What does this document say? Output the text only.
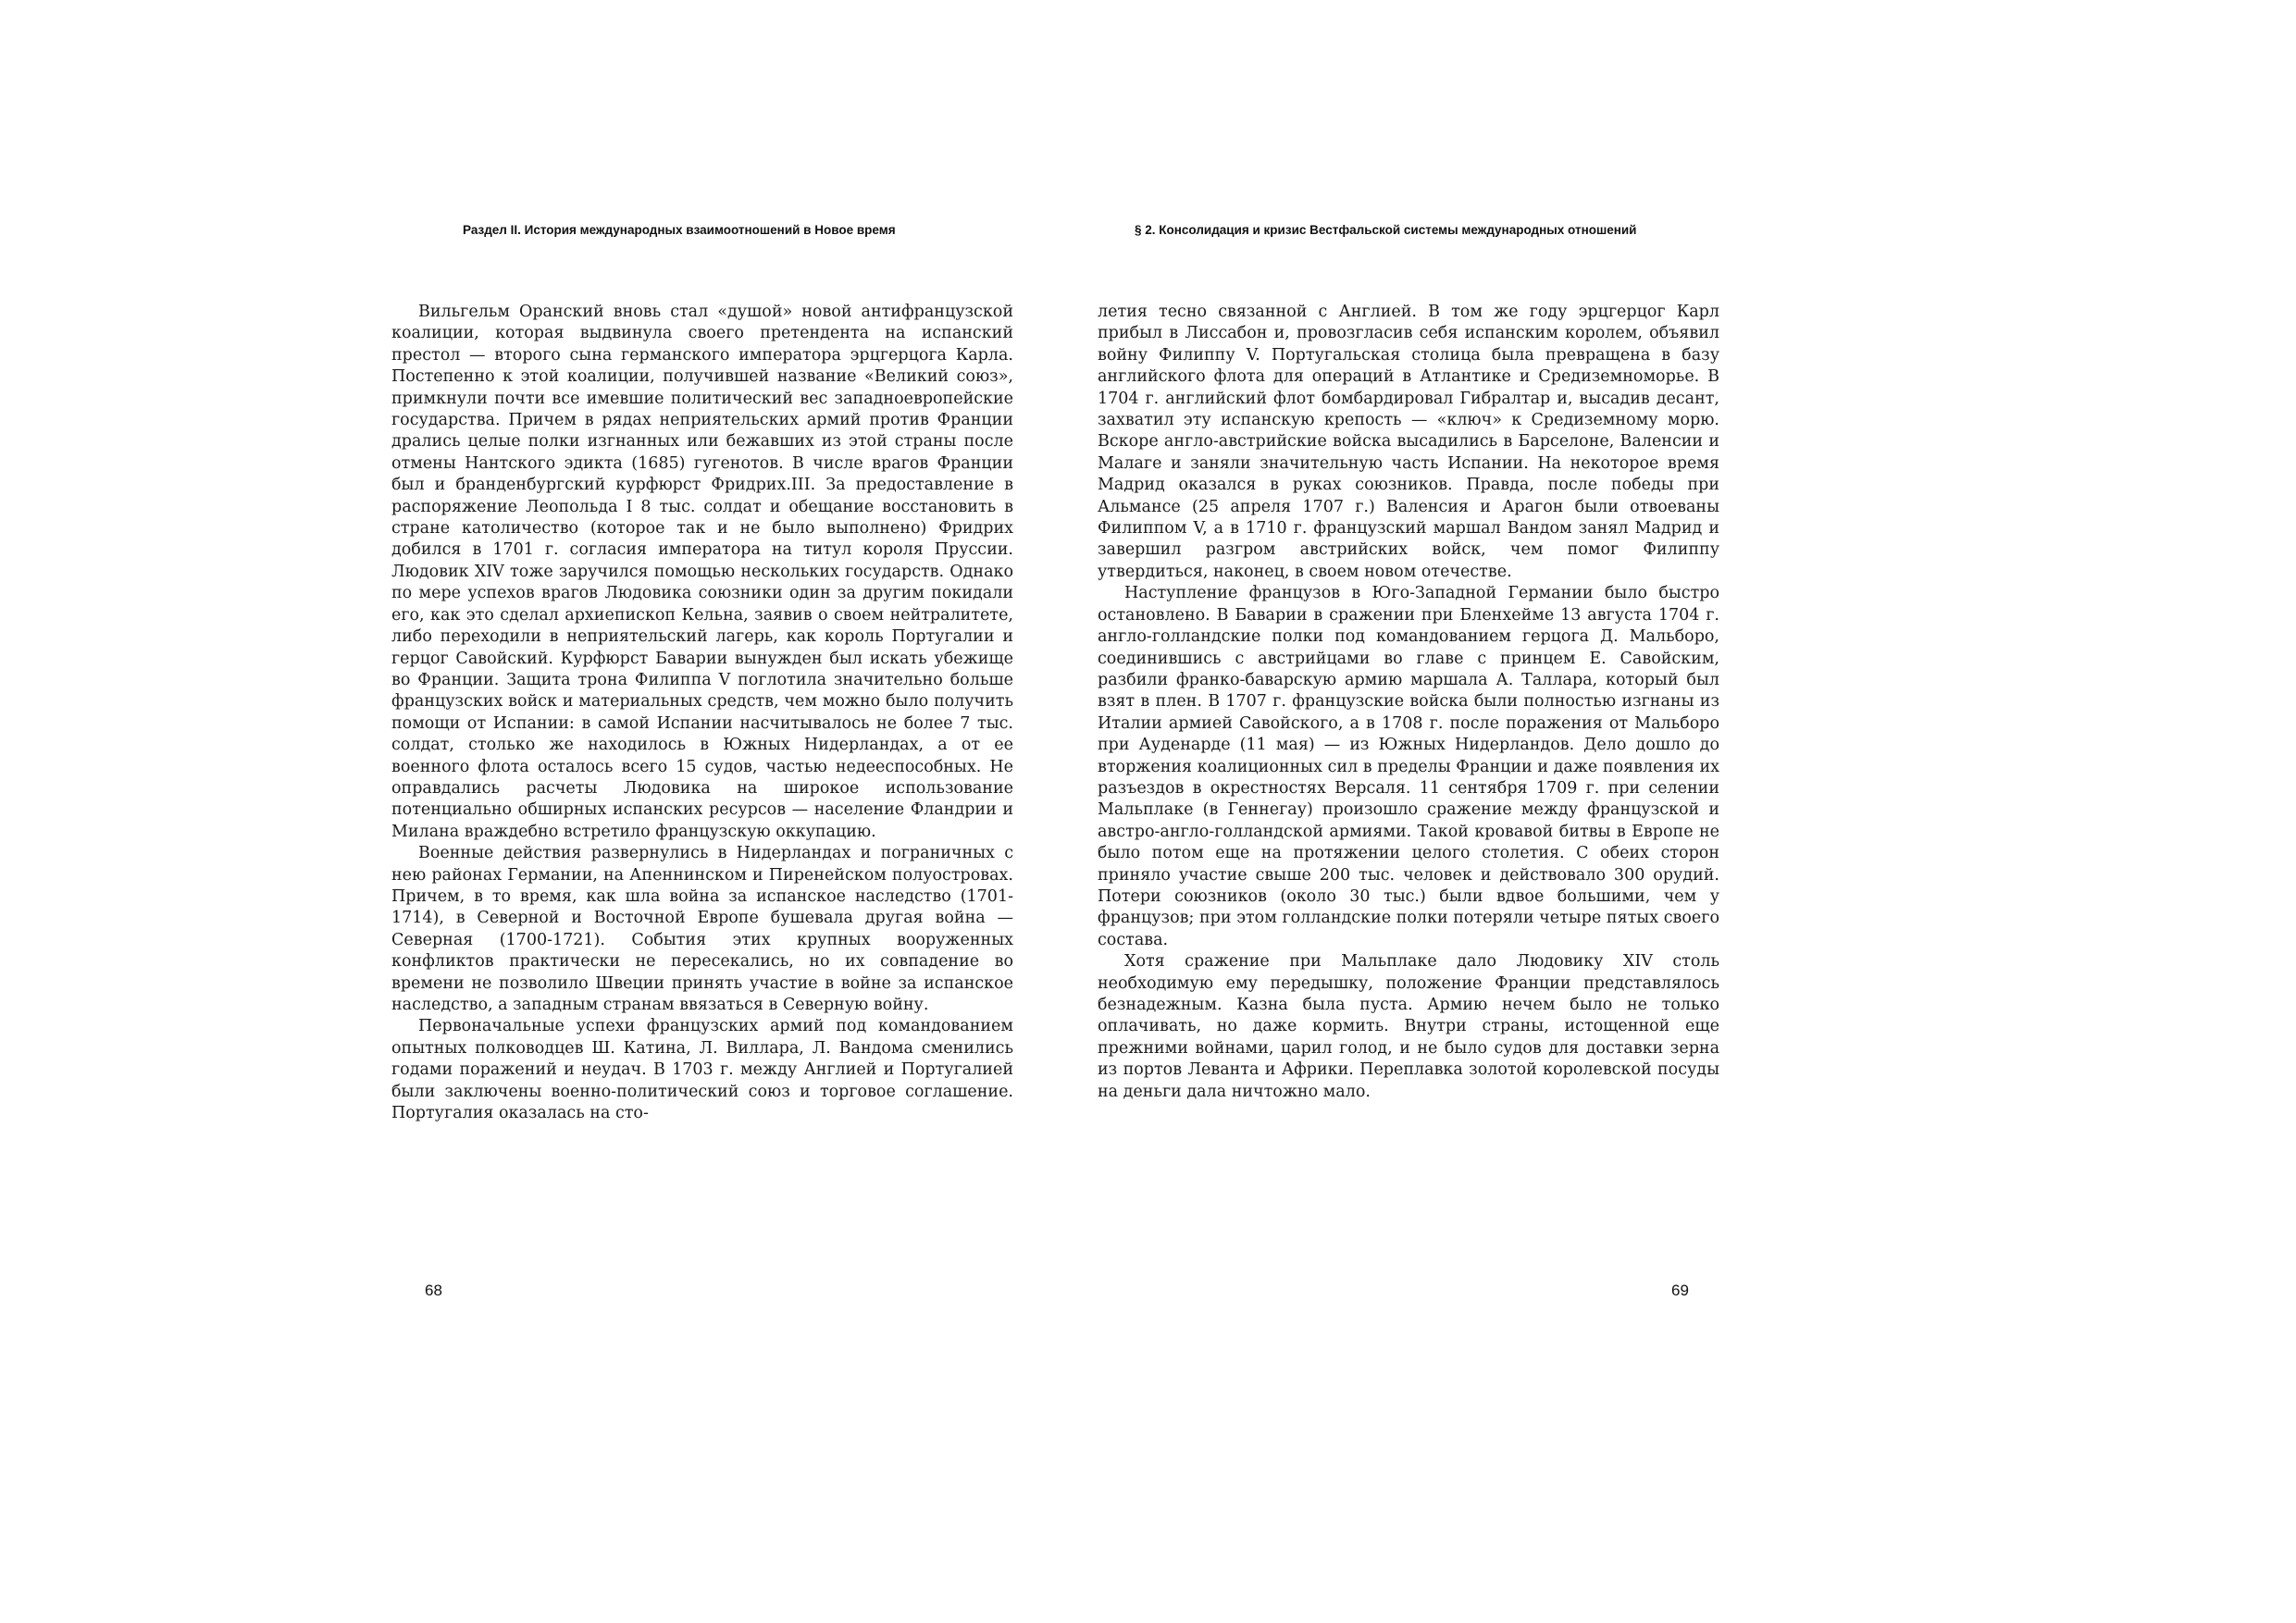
Раздел II. История международных взаимоотношений в Новое время

Вильгельм Оранский вновь стал «душой» новой антифранцузской коалиции, которая выдвинула своего претендента на испанский престол — второго сына германского императора эрцгерцога Карла. Постепенно к этой коалиции, получившей название «Великий союз», примкнули почти все имевшие политический вес западноевропейские государства. Причем в рядах неприятельских армий против Франции дрались целые полки изгнанных или бежавших из этой страны после отмены Нантского эдикта (1685) гугенотов. В числе врагов Франции был и бранденбургский курфюрст Фридрих.III. За предоставление в распоряжение Леопольда I 8 тыс. солдат и обещание восстановить в стране католичество (которое так и не было выполнено) Фридрих добился в 1701 г. согласия императора на титул короля Пруссии. Людовик XIV тоже заручился помощью нескольких государств. Однако по мере успехов врагов Людовика союзники один за другим покидали его, как это сделал архиепископ Кельна, заявив о своем нейтралитете, либо переходили в неприятельский лагерь, как король Португалии и герцог Савойский. Курфюрст Баварии вынужден был искать убежище во Франции. Защита трона Филиппа V поглотила значительно больше французских войск и материальных средств, чем можно было получить помощи от Испании: в самой Испании насчитывалось не более 7 тыс. солдат, столько же находилось в Южных Нидерландах, а от ее военного флота осталось всего 15 судов, частью недееспособных. Не оправдались расчеты Людовика на широкое использование потенциально обширных испанских ресурсов — население Фландрии и Милана враждебно встретило французскую оккупацию.

Военные действия развернулись в Нидерландах и пограничных с нею районах Германии, на Апеннинском и Пиренейском полуостровах. Причем, в то время, как шла война за испанское наследство (1701-1714), в Северной и Восточной Европе бушевала другая война — Северная (1700-1721). События этих крупных вооруженных конфликтов практически не пересекались, но их совпадение во времени не позволило Швеции принять участие в войне за испанское наследство, а западным странам ввязаться в Северную войну.

Первоначальные успехи французских армий под командованием опытных полководцев Ш. Катина, Л. Виллара, Л. Вандома сменились годами поражений и неудач. В 1703 г. между Англией и Португалией были заключены военно-политический союз и торговое соглашение. Португалия оказалась на сто-

68
§ 2. Консолидация и кризис Вестфальской системы международных отношений

летия тесно связанной с Англией. В том же году эрцгерцог Карл прибыл в Лиссабон и, провозгласив себя испанским королем, объявил войну Филиппу V. Португальская столица была превращена в базу английского флота для операций в Атлантике и Средиземноморье. В 1704 г. английский флот бомбардировал Гибралтар и, высадив десант, захватил эту испанскую крепость — «ключ» к Средиземному морю. Вскоре англо-австрийские войска высадились в Барселоне, Валенсии и Малаге и заняли значительную часть Испании. На некоторое время Мадрид оказался в руках союзников. Правда, после победы при Альмансе (25 апреля 1707 г.) Валенсия и Арагон были отвоеваны Филиппом V, а в 1710 г. французский маршал Вандом занял Мадрид и завершил разгром австрийских войск, чем помог Филиппу утвердиться, наконец, в своем новом отечестве.

Наступление французов в Юго-Западной Германии было быстро остановлено. В Баварии в сражении при Бленхейме 13 августа 1704 г. англо-голландские полки под командованием герцога Д. Мальборо, соединившись с австрийцами во главе с принцем Е. Савойским, разбили франко-баварскую армию маршала А. Таллара, который был взят в плен. В 1707 г. французские войска были полностью изгнаны из Италии армией Савойского, а в 1708 г. после поражения от Мальборо при Ауденарде (11 мая) — из Южных Нидерландов. Дело дошло до вторжения коалиционных сил в пределы Франции и даже появления их разъездов в окрестностях Версаля. 11 сентября 1709 г. при селении Мальплаке (в Геннегау) произошло сражение между французской и австро-англо-голландской армиями. Такой кровавой битвы в Европе не было потом еще на протяжении целого столетия. С обеих сторон приняло участие свыше 200 тыс. человек и действовало 300 орудий. Потери союзников (около 30 тыс.) были вдвое большими, чем у французов; при этом голландские полки потеряли четыре пятых своего состава.

Хотя сражение при Мальплаке дало Людовику XIV столь необходимую ему передышку, положение Франции представлялось безнадежным. Казна была пуста. Армию нечем было не только оплачивать, но даже кормить. Внутри страны, истощенной еще прежними войнами, царил голод, и не было судов для доставки зерна из портов Леванта и Африки. Переплавка золотой королевской посуды на деньги дала ничтожно мало.

69
